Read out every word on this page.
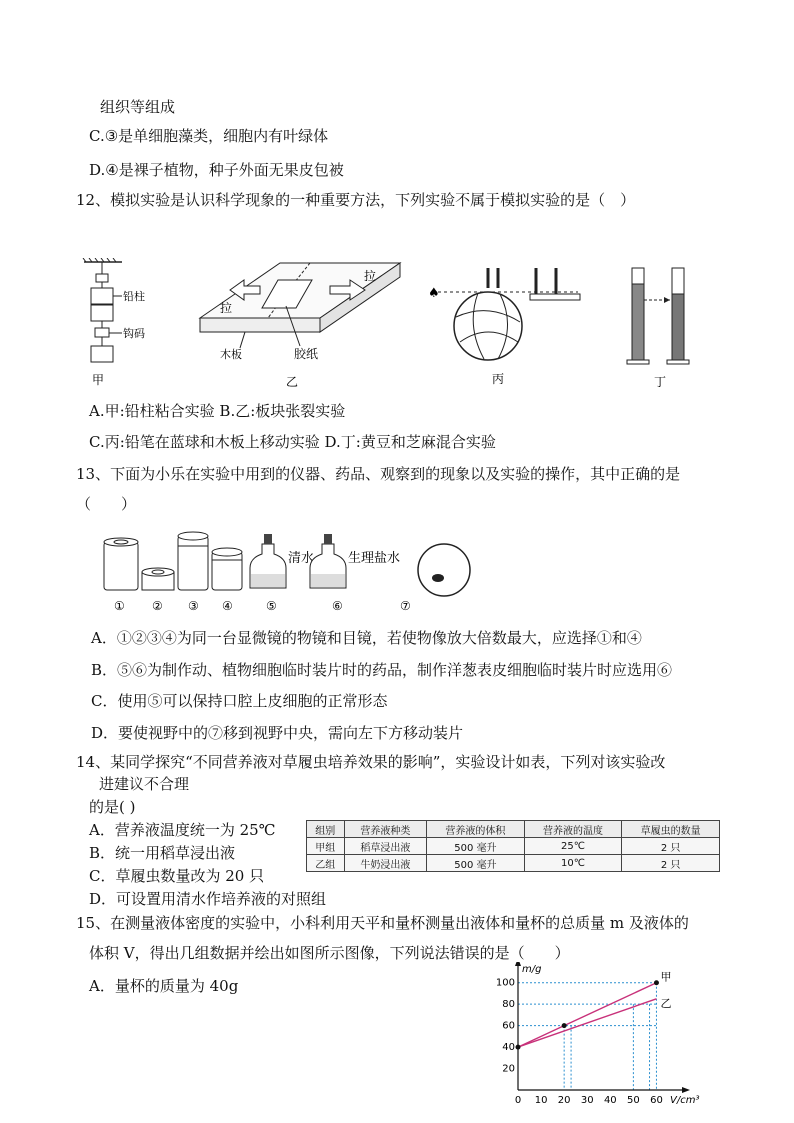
组织等组成
C.③是单细胞藻类，细胞内有叶绿体
D.④是裸子植物，种子外面无果皮包被
12、模拟实验是认识科学现象的一种重要方法，下列实验不属于模拟实验的是（　）
铅柱
钩码
甲
拉
拉
木板	胶纸
乙
♠
丙	丁
A.甲:铅柱粘合实验 B.乙:板块张裂实验
C.丙:铅笔在蓝球和木板上移动实验 D.丁:黄豆和芝麻混合实验
13、下面为小乐在实验中用到的仪器、药品、观察到的现象以及实验的操作，其中正确的是
（　　）
① ② ③ ④
清水
⑤
生理盐水
⑥	⑦
A．①②③④为同一台显微镜的物镜和目镜，若使物像放大倍数最大，应选择①和④
B．⑤⑥为制作动、植物细胞临时装片时的药品，制作洋葱表皮细胞临时装片时应选用⑥
C．使用⑤可以保持口腔上皮细胞的正常形态
D．要使视野中的⑦移到视野中央，需向左下方移动装片
14、某同学探究“不同营养液对草履虫培养效果的影响”，实验设计如表，下列对该实验改
进建议不合理
的是( )
A．营养液温度统一为 25℃
B．统一用稻草浸出液
C．草履虫数量改为 20 只
D．可设置用清水作培养液的对照组
组别	营养液种类	营养液的体积	营养液的温度	草履虫的数量
甲组	稻草浸出液	500 毫升	25℃	2 只
乙组	牛奶浸出液	500 毫升	10℃	2 只
15、在测量液体密度的实验中，小科利用天平和量杯测量出液体和量杯的总质量 m 及液体的
体积 V，得出几组数据并绘出如图所示图像，下列说法错误的是（　　）
A．量杯的质量为 40g	甲
乙
0 10 20 30 40 50 60
20
40
60
80
100
m/g
V/cm³
